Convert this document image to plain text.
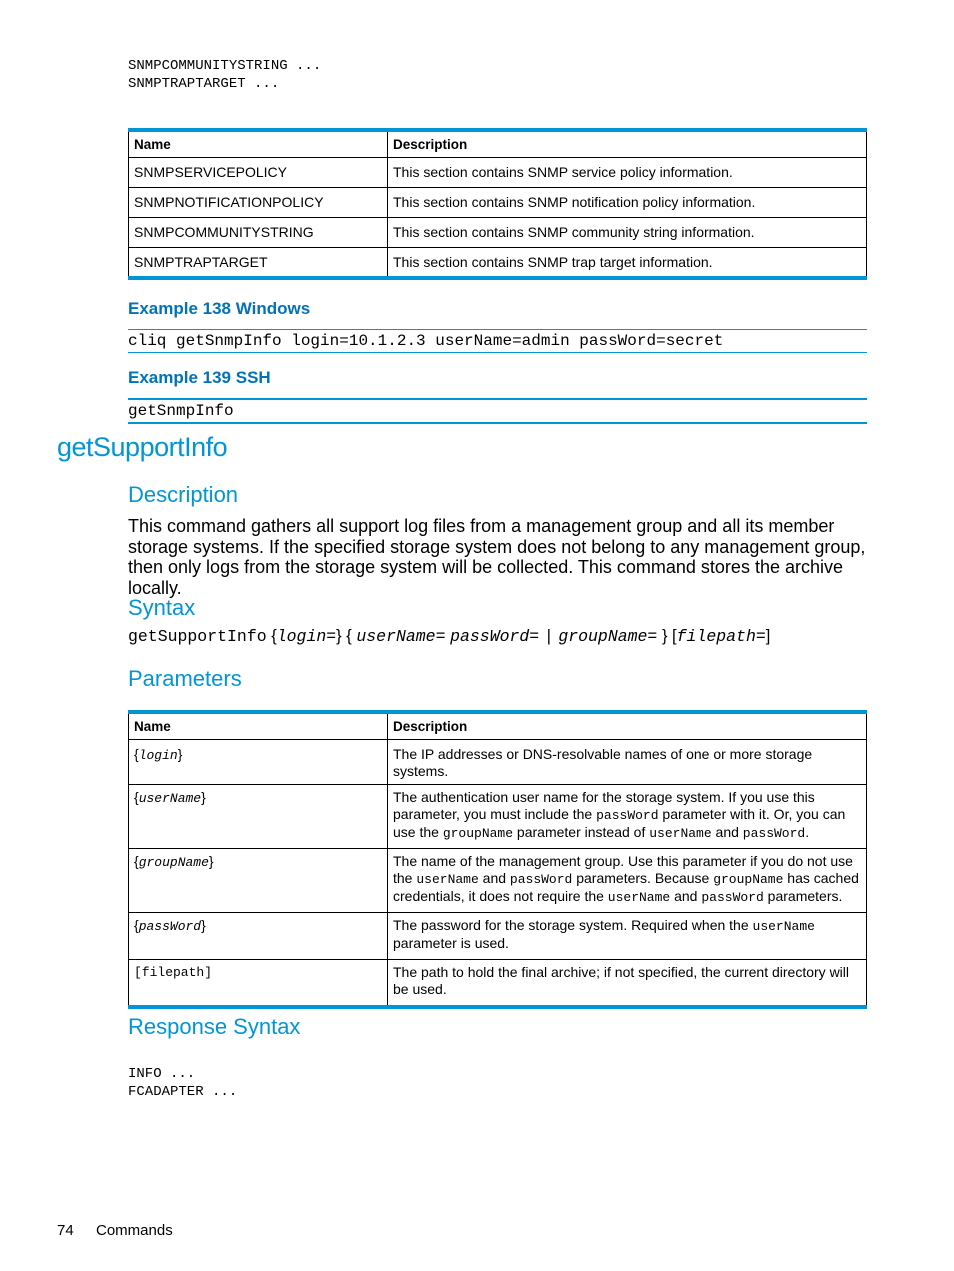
SNMPCOMMUNITYSTRING ...
SNMPTRAPTARGET ...
Name	Description
SNMPSERVICEPOLICY	This section contains SNMP service policy information.
SNMPNOTIFICATIONPOLICY	This section contains SNMP notification policy information.
SNMPCOMMUNITYSTRING	This section contains SNMP community string information.
SNMPTRAPTARGET	This section contains SNMP trap target information.
Example 138 Windows
cliq getSnmpInfo login=10.1.2.3 userName=admin passWord=secret
Example 139 SSH
getSnmpInfo
getSupportInfo
Description
This command gathers all support log files from a management group and all its member storage systems. If the specified storage system does not belong to any management group, then only logs from the storage system will be collected. This command stores the archive locally.
Syntax
getSupportInfo {login=} { userName= passWord= | groupName= } [filepath=]
Parameters
Name	Description
{login}	The IP addresses or DNS-resolvable names of one or more storage systems.
{userName}	The authentication user name for the storage system. If you use this parameter, you must include the passWord parameter with it. Or, you can use the groupName parameter instead of userName and passWord.
{groupName}	The name of the management group. Use this parameter if you do not use the userName and passWord parameters. Because groupName has cached credentials, it does not require the userName and passWord parameters.
{passWord}	The password for the storage system. Required when the userName parameter is used.
[filepath]	The path to hold the final archive; if not specified, the current directory will be used.
Response Syntax
INFO ...
FCADAPTER ...
74 Commands
